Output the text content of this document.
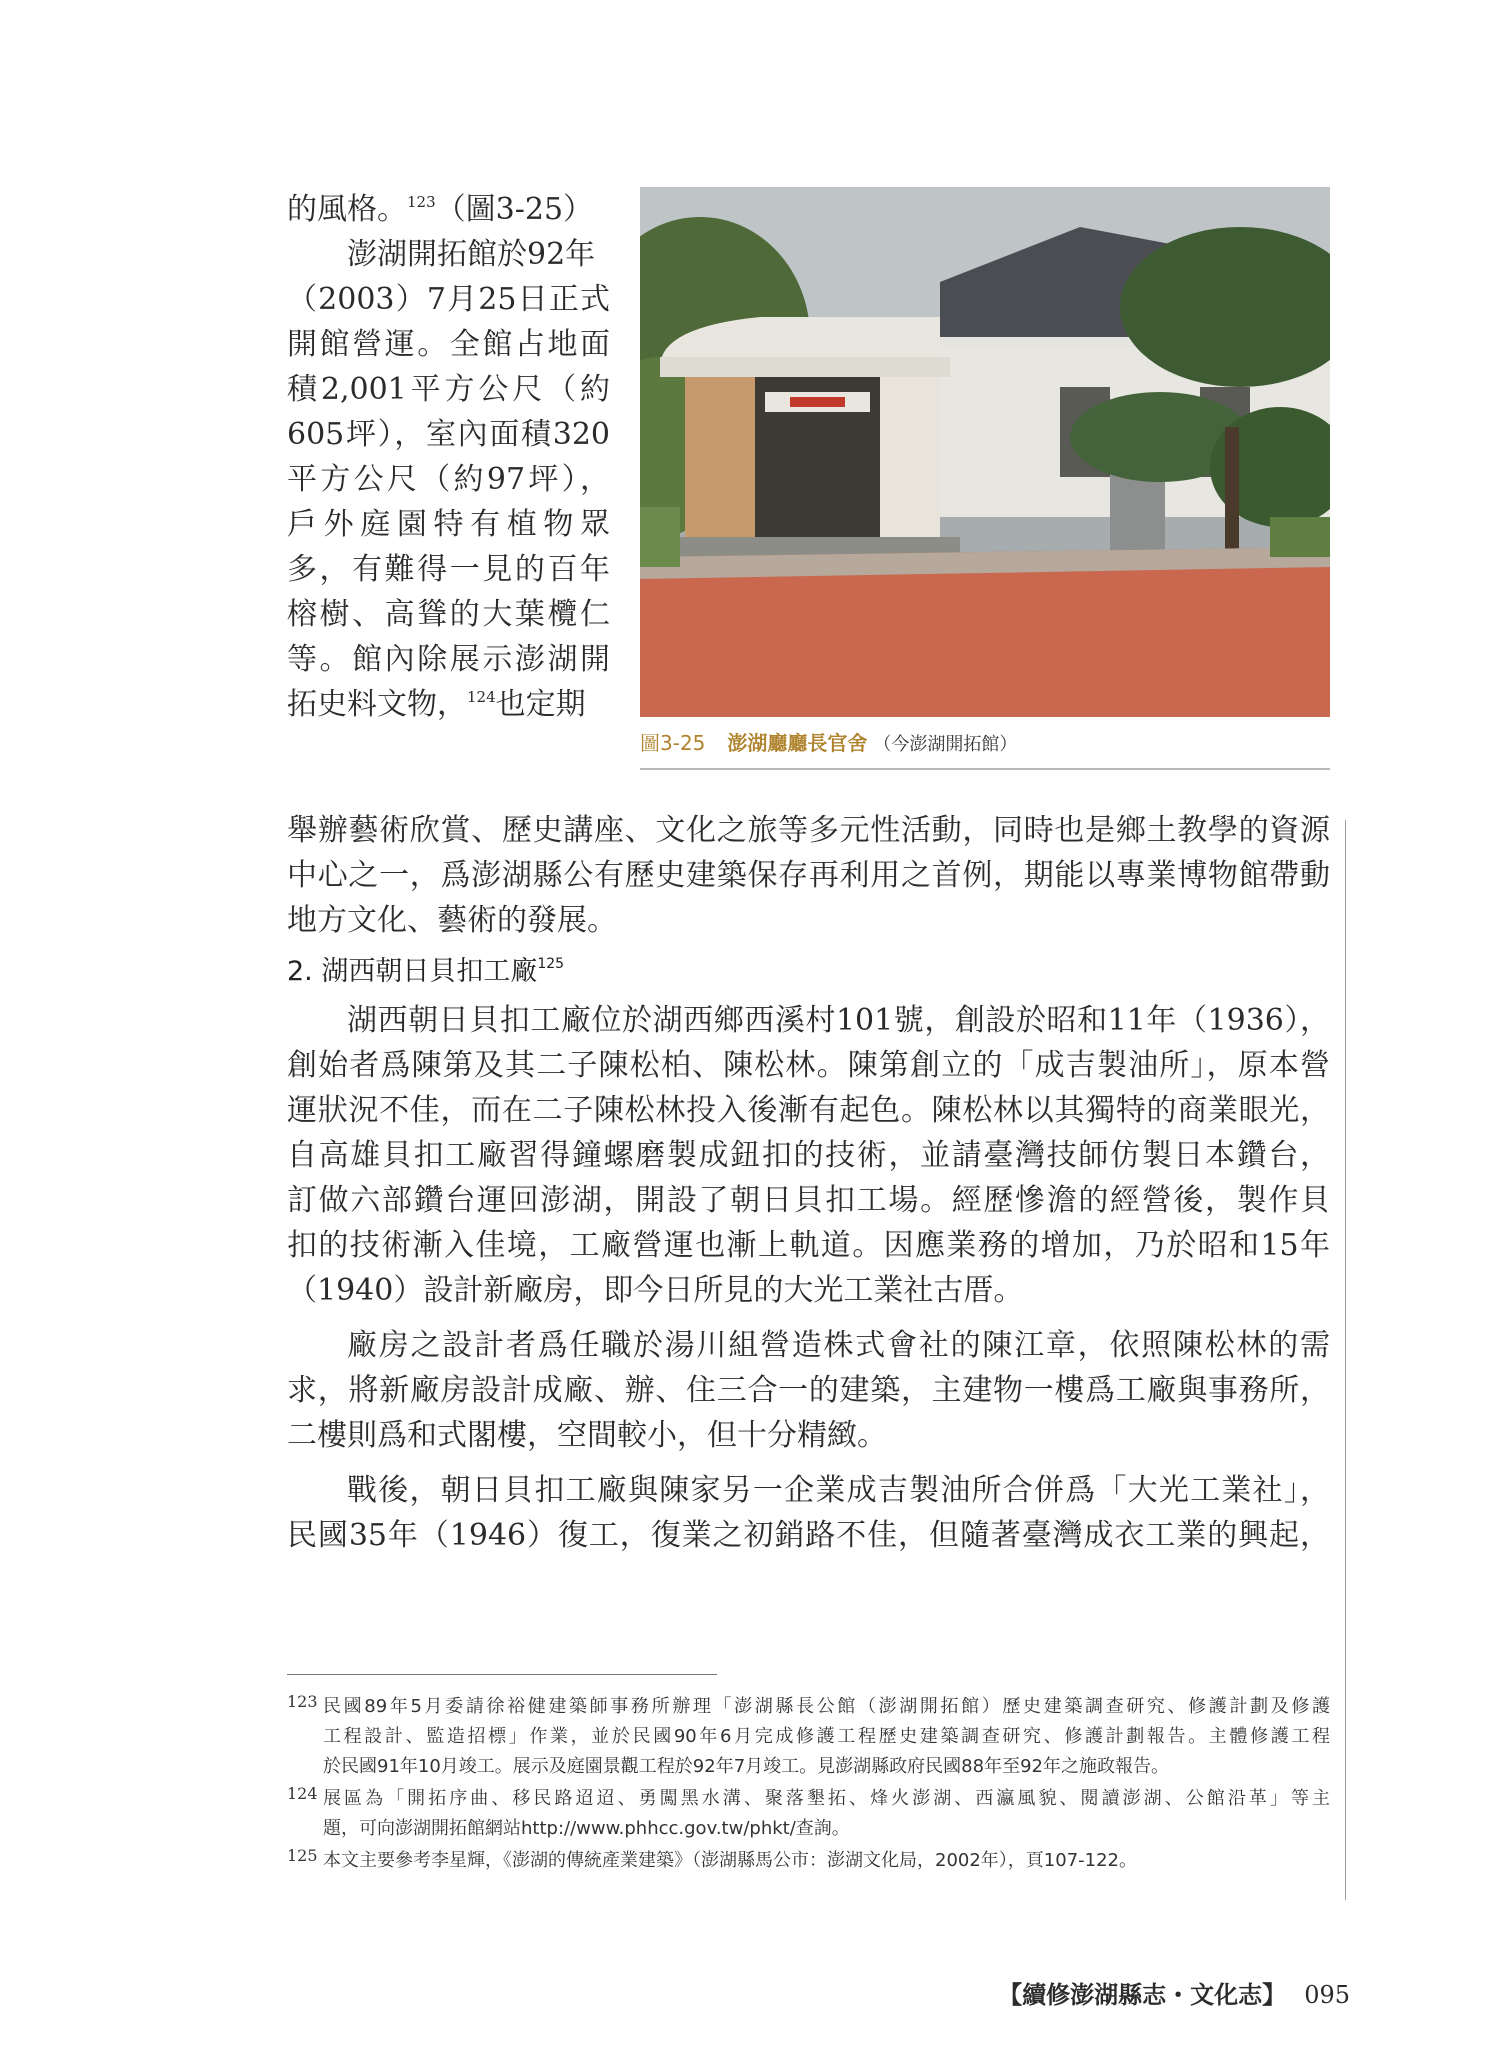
圖3-25 澎湖廳廳長官舍 （今澎湖開拓館）
的風格。$^{123}$（圖3-25）
澎湖開拓館於92年
（2003）7月25日正式
開館營運。全館占地面
積2,001平方公尺（約
605坪），室內面積320
平方公尺（約97坪），
戶外庭園特有植物眾
多，有難得一見的百年
榕樹、高聳的大葉欖仁
等。館內除展示澎湖開
拓史料文物，$^{124}$也定期
舉辦藝術欣賞、歷史講座、文化之旅等多元性活動，同時也是鄉土教學的資源
中心之一，爲澎湖縣公有歷史建築保存再利用之首例，期能以專業博物館帶動
地方文化、藝術的發展。
2. 湖西朝日貝扣工廠$^{125}$
湖西朝日貝扣工廠位於湖西鄉西溪村101號，創設於昭和11年（1936），
創始者爲陳第及其二子陳松柏、陳松林。陳第創立的「成吉製油所」，原本營
運狀況不佳，而在二子陳松林投入後漸有起色。陳松林以其獨特的商業眼光，
自高雄貝扣工廠習得鐘螺磨製成鈕扣的技術，並請臺灣技師仿製日本鑽台，
訂做六部鑽台運回澎湖，開設了朝日貝扣工場。經歷慘澹的經營後，製作貝
扣的技術漸入佳境，工廠營運也漸上軌道。因應業務的增加，乃於昭和15年
（1940）設計新廠房，即今日所見的大光工業社古厝。
廠房之設計者爲任職於湯川組營造株式會社的陳江章，依照陳松林的需
求，將新廠房設計成廠、辦、住三合一的建築，主建物一樓爲工廠與事務所，
二樓則爲和式閣樓，空間較小，但十分精緻。
戰後，朝日貝扣工廠與陳家另一企業成吉製油所合併爲「大光工業社」，
民國35年（1946）復工，復業之初銷路不佳，但隨著臺灣成衣工業的興起，
123 民國89年5月委請徐裕健建築師事務所辦理「澎湖縣長公館（澎湖開拓館）歷史建築調查研究、修護計劃及修護
工程設計、監造招標」作業，並於民國90年6月完成修護工程歷史建築調查研究、修護計劃報告。主體修護工程
於民國91年10月竣工。展示及庭園景觀工程於92年7月竣工。見澎湖縣政府民國88年至92年之施政報告。
124 展區為「開拓序曲、移民路迢迢、勇闖黑水溝、聚落墾拓、烽火澎湖、西瀛風貌、閱讀澎湖、公館沿革」等主
題，可向澎湖開拓館網站http://www.phhcc.gov.tw/phkt/查詢。
125 本文主要參考李星輝，《澎湖的傳統產業建築》（澎湖縣馬公市：澎湖文化局，2002年），頁107-122。
【續修澎湖縣志・文化志】 095
